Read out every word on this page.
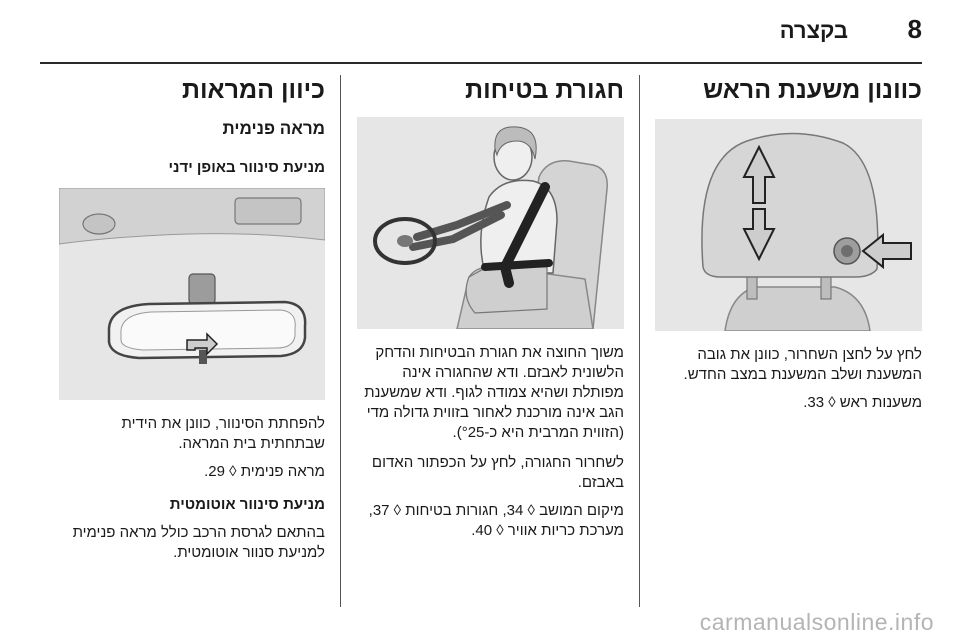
8
בקצרה
כוונון משענת הראש
לחץ על לחצן השחרור, כוונן את גובה המשענת ושלב המשענת במצב החדש.
משענות ראש ◊ 33.
חגורת בטיחות
משוך החוצה את חגורת הבטיחות והדחק הלשונית לאבזם. ודא שהחגורה אינה מפותלת ושהיא צמודה לגוף. ודא שמשענת הגב אינה מורכנת לאחור בזווית גדולה מדי (הזווית המרבית היא כ-°25).
לשחרור החגורה, לחץ על הכפתור האדום באבזם.
מיקום המושב ◊ 34, חגורות בטיחות ◊ 37, מערכת כריות אוויר ◊ 40.
כיוון המראות
מראה פנימית
מניעת סינוור באופן ידני
להפחתת הסינוור, כוונן את הידית שבתחתית בית המראה.
מראה פנימית ◊ 29.
מניעת סינוור אוטומטית
בהתאם לגרסת הרכב כולל מראה פנימית למניעת סנוור אוטומטית.
carmanualsonline.info
